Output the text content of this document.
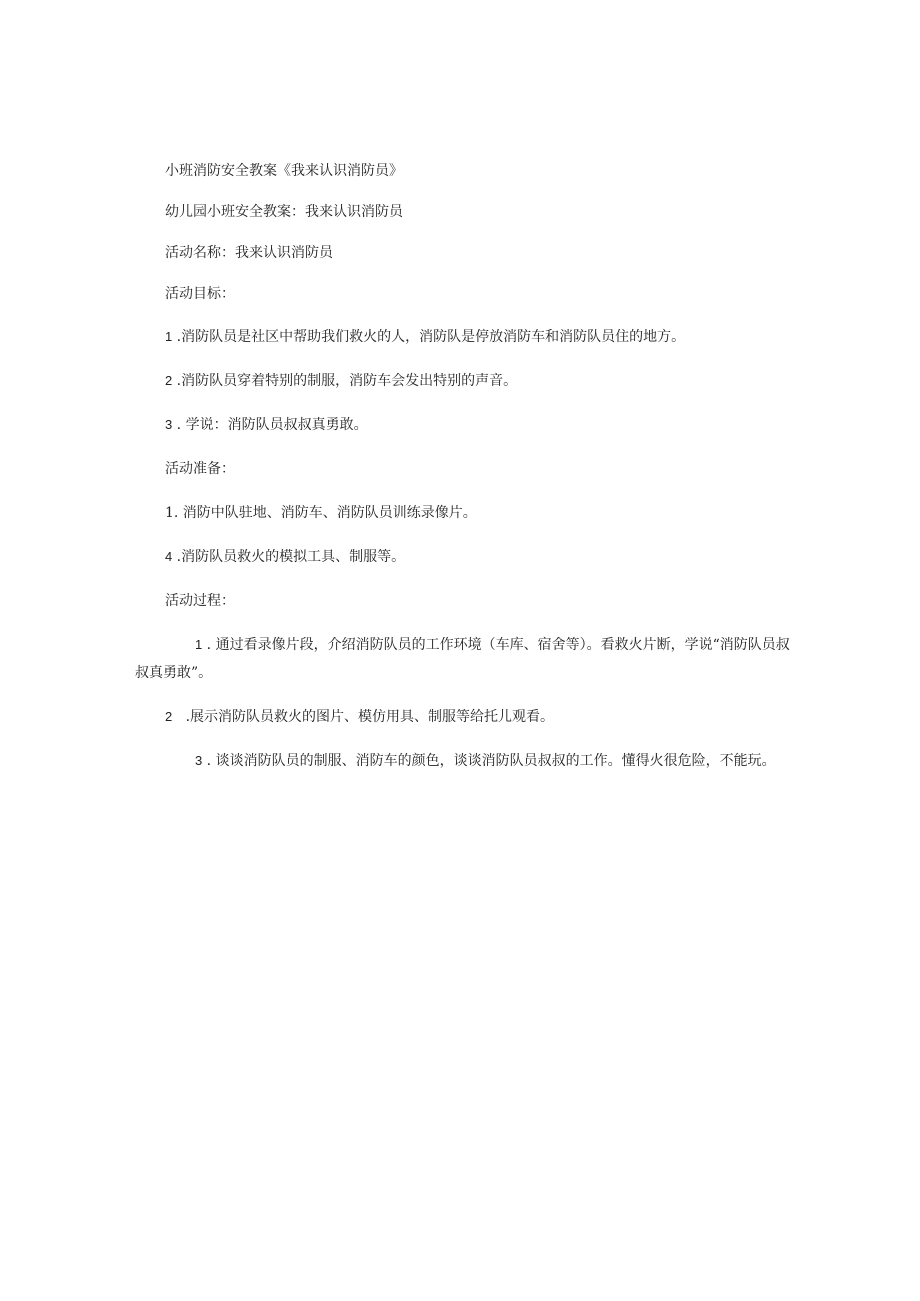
小班消防安全教案《我来认识消防员》

幼儿园小班安全教案：我来认识消防员

活动名称：我来认识消防员

活动目标：

1 .消防队员是社区中帮助我们救火的人，消防队是停放消防车和消防队员住的地方。

2 .消防队员穿着特别的制服，消防车会发出特别的声音。

3 . 学说：消防队员叔叔真勇敢。

活动准备：

1. 消防中队驻地、消防车、消防队员训练录像片。

4 .消防队员救火的模拟工具、制服等。

活动过程：

1 . 通过看录像片段，介绍消防队员的工作环境（车库、宿舍等）。看救火片断，学说“消防队员叔叔真勇敢”。

2   .展示消防队员救火的图片、模仿用具、制服等给托儿观看。

3 . 谈谈消防队员的制服、消防车的颜色，谈谈消防队员叔叔的工作。懂得火很危险，不能玩。
